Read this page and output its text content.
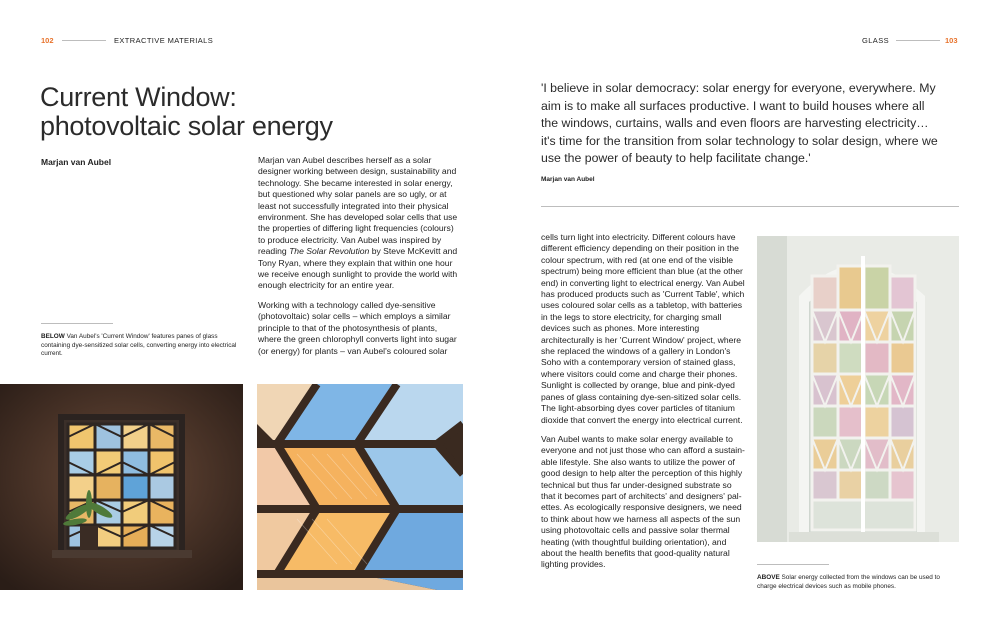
102	EXTRACTIVE MATERIALS	GLASS	103
Current Window:
photovoltaic solar energy
Marjan van Aubel	Marjan van Aubel describes herself as a solar designer working between design, sustainability and technology. She became interested in solar energy, but questioned why solar panels are so ugly, or at least not successfully integrated into their physical environment. She has developed solar cells that use the properties of differing light frequencies (colours) to produce electricity. Van Aubel was inspired by reading The Solar Revolution by Steve McKevitt and Tony Ryan, where they explain that within one hour we receive enough sunlight to provide the world with enough electricity for an entire year.

Working with a technology called dye-sensitive (photovoltaic) solar cells – which employs a similar principle to that of the photosynthesis of plants, where the green chlorophyll converts light into sugar (or energy) for plants – van Aubel's coloured solar

BELOW Van Aubel's 'Current Window' features panes of glass containing dye-sensitized solar cells, converting energy into electrical current.
'I believe in solar democracy: solar energy for everyone, everywhere. My aim is to make all surfaces productive. I want to build houses where all the windows, curtains, walls and even floors are harvesting electricity… it's time for the transition from solar technology to solar design, where we use the power of beauty to help facilitate change.'
Marjan van Aubel

cells turn light into electricity. Different colours have different efficiency depending on their position in the colour spectrum, with red (at one end of the visible spectrum) being more efficient than blue (at the other end) in converting light to electrical energy. Van Aubel has produced products such as 'Current Table', which uses coloured solar cells as a tabletop, with batteries in the legs to store electricity, for charging small devices such as phones. More interesting architecturally is her 'Current Window' project, where she replaced the windows of a gallery in London's Soho with a contemporary version of stained glass, where visitors could come and charge their phones. Sunlight is collected by orange, blue and pink-dyed panes of glass containing dye-sen-sitized solar cells. The light-absorbing dyes cover particles of titanium dioxide that convert the energy into electrical current.

Van Aubel wants to make solar energy available to everyone and not just those who can afford a sustain-able lifestyle. She also wants to utilize the power of good design to help alter the perception of this highly technical but thus far under-designed substrate so that it becomes part of architects' and designers' pal-ettes. As ecologically responsive designers, we need to think about how we harness all aspects of the sun using photovoltaic cells and passive solar thermal heating (with thoughtful building orientation), and about the health benefits that good-quality natural lighting provides.

ABOVE Solar energy collected from the windows can be used to charge electrical devices such as mobile phones.
